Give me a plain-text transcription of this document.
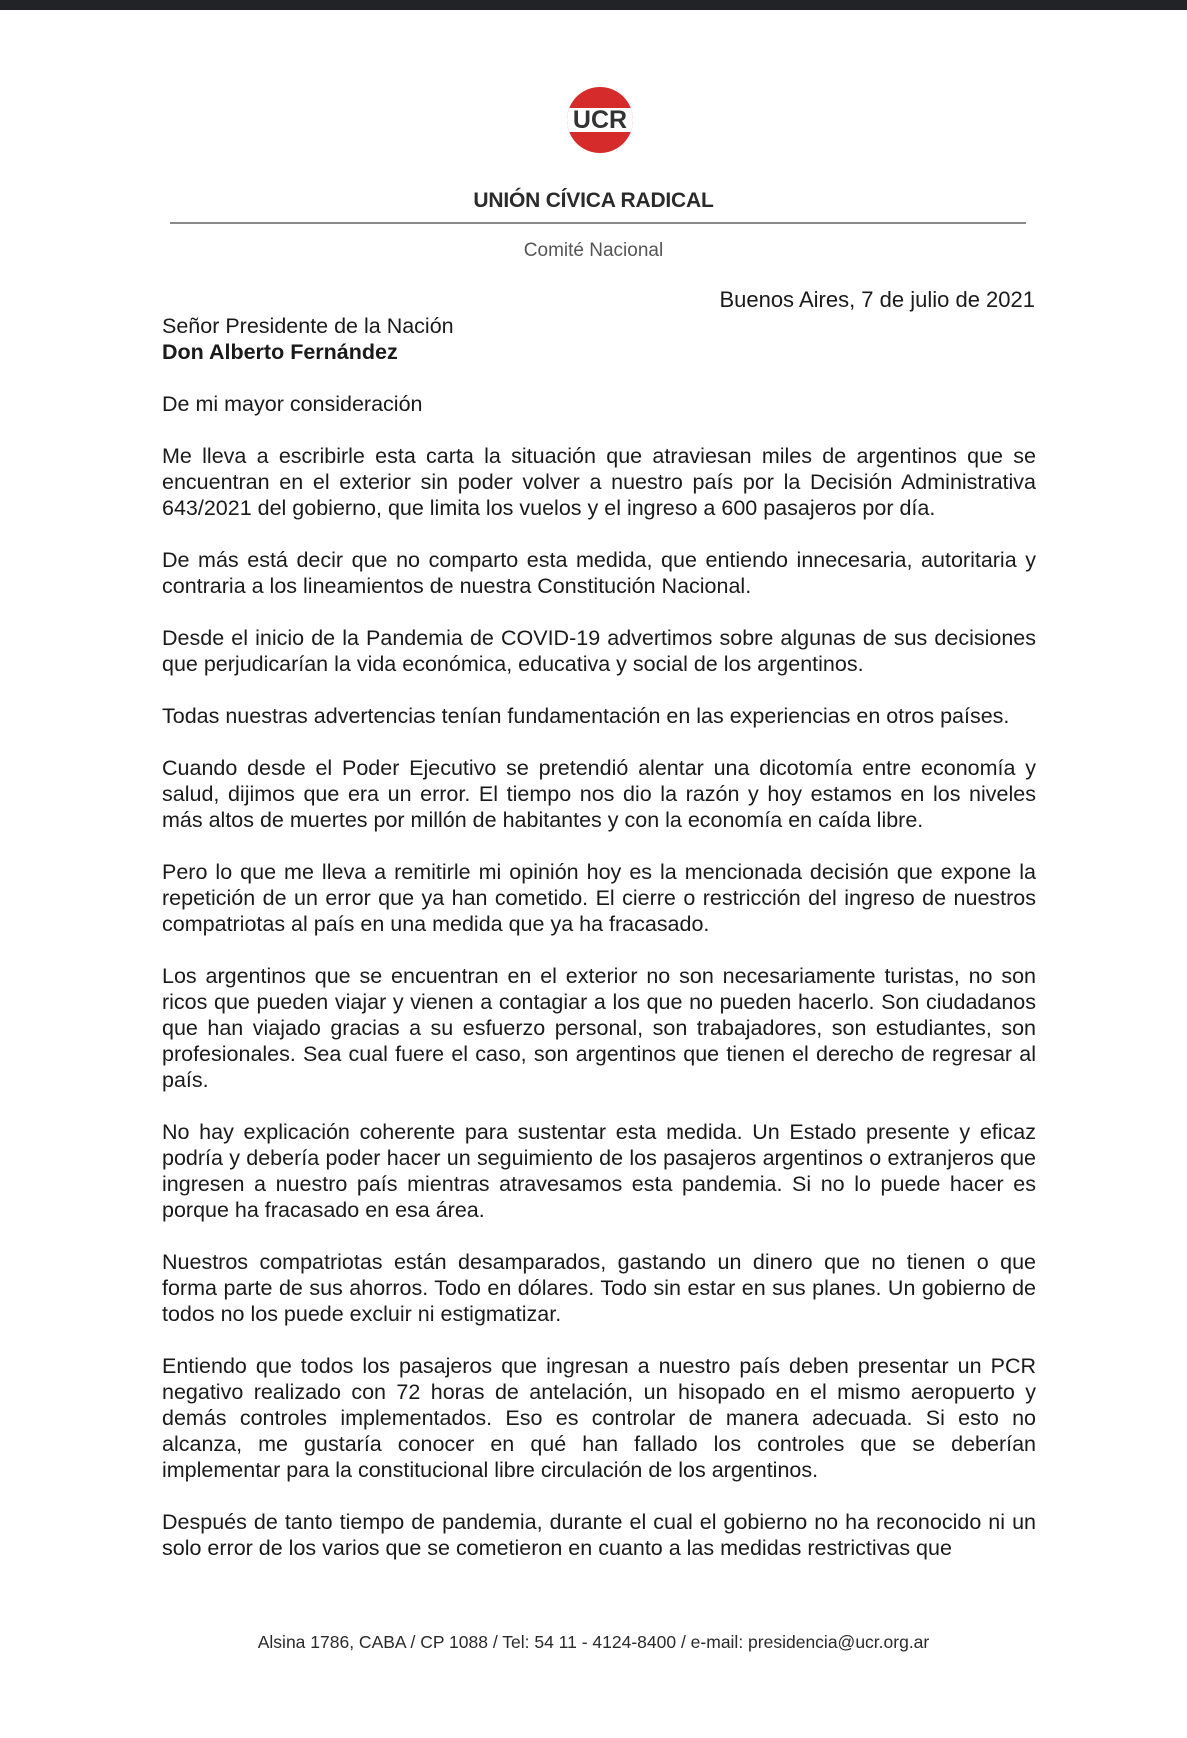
UCR
UNIÓN CÍVICA RADICAL
Comité Nacional
Buenos Aires, 7 de julio de 2021
Señor Presidente de la Nación
Don Alberto Fernández

De mi mayor consideración

Me lleva a escribirle esta carta la situación que atraviesan miles de argentinos que se encuentran en el exterior sin poder volver a nuestro país por la Decisión Administrativa 643/2021 del gobierno, que limita los vuelos y el ingreso a 600 pasajeros por día.

De más está decir que no comparto esta medida, que entiendo innecesaria, autoritaria y contraria a los lineamientos de nuestra Constitución Nacional.

Desde el inicio de la Pandemia de COVID-19 advertimos sobre algunas de sus decisiones que perjudicarían la vida económica, educativa y social de los argentinos.

Todas nuestras advertencias tenían fundamentación en las experiencias en otros países.

Cuando desde el Poder Ejecutivo se pretendió alentar una dicotomía entre economía y salud, dijimos que era un error. El tiempo nos dio la razón y hoy estamos en los niveles más altos de muertes por millón de habitantes y con la economía en caída libre.

Pero lo que me lleva a remitirle mi opinión hoy es la mencionada decisión que expone la repetición de un error que ya han cometido. El cierre o restricción del ingreso de nuestros compatriotas al país en una medida que ya ha fracasado.

Los argentinos que se encuentran en el exterior no son necesariamente turistas, no son ricos que pueden viajar y vienen a contagiar a los que no pueden hacerlo. Son ciudadanos que han viajado gracias a su esfuerzo personal, son trabajadores, son estudiantes, son profesionales. Sea cual fuere el caso, son argentinos que tienen el derecho de regresar al país.

No hay explicación coherente para sustentar esta medida. Un Estado presente y eficaz podría y debería poder hacer un seguimiento de los pasajeros argentinos o extranjeros que ingresen a nuestro país mientras atravesamos esta pandemia. Si no lo puede hacer es porque ha fracasado en esa área.

Nuestros compatriotas están desamparados, gastando un dinero que no tienen o que forma parte de sus ahorros. Todo en dólares. Todo sin estar en sus planes. Un gobierno de todos no los puede excluir ni estigmatizar.

Entiendo que todos los pasajeros que ingresan a nuestro país deben presentar un PCR negativo realizado con 72 horas de antelación, un hisopado en el mismo aeropuerto y demás controles implementados. Eso es controlar de manera adecuada. Si esto no alcanza, me gustaría conocer en qué han fallado los controles que se deberían implementar para la constitucional libre circulación de los argentinos.

Después de tanto tiempo de pandemia, durante el cual el gobierno no ha reconocido ni un solo error de los varios que se cometieron en cuanto a las medidas restrictivas que

Alsina 1786, CABA / CP 1088 / Tel: 54 11 - 4124-8400 / e-mail: presidencia@ucr.org.ar
